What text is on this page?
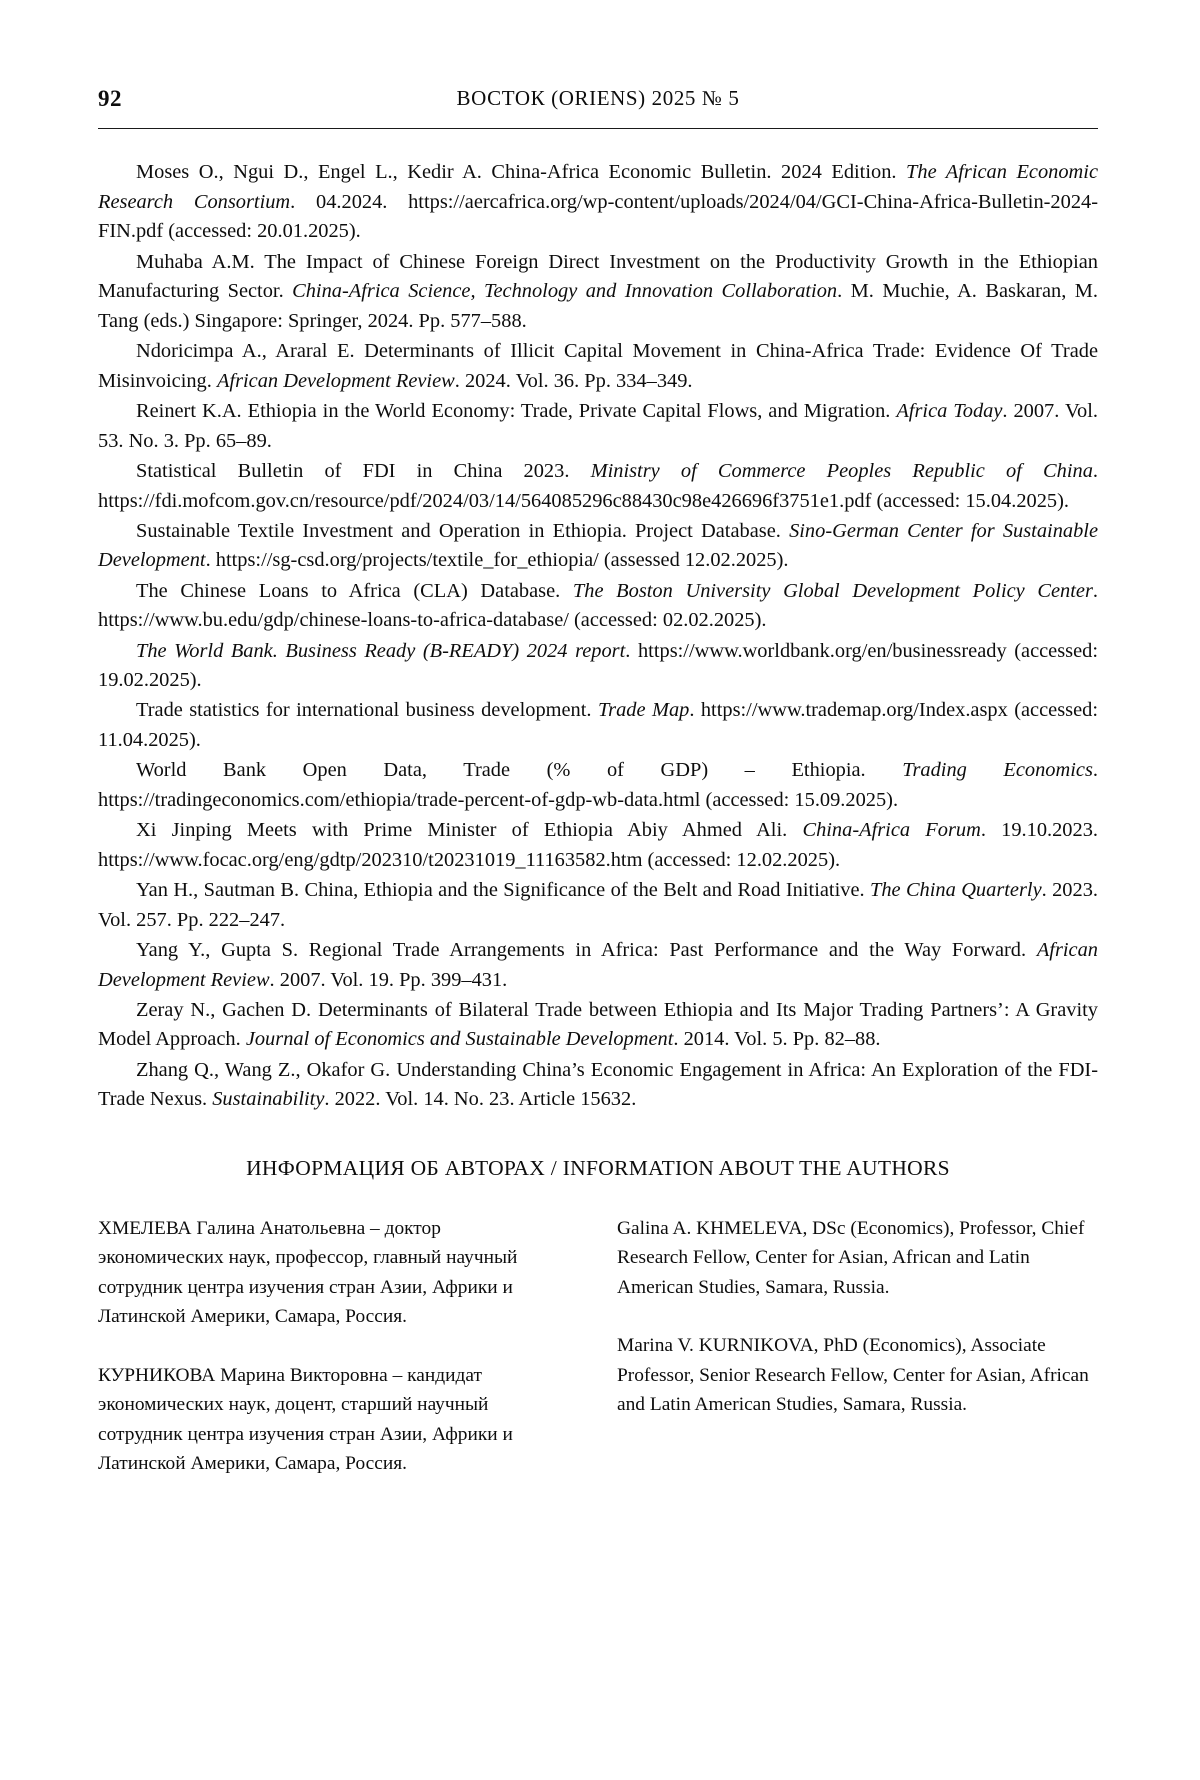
92	ВОСТОК (ORIENS) 2025 № 5

Moses O., Ngui D., Engel L., Kedir A. China-Africa Economic Bulletin. 2024 Edition. The African Economic Research Consortium. 04.2024. https://aercafrica.org/wp-content/uploads/2024/04/GCI-China-Africa-Bulletin-2024-FIN.pdf (accessed: 20.01.2025).

Muhaba A.M. The Impact of Chinese Foreign Direct Investment on the Productivity Growth in the Ethiopian Manufacturing Sector. China-Africa Science, Technology and Innovation Collaboration. M. Muchie, A. Baskaran, M. Tang (eds.) Singapore: Springer, 2024. Pp. 577–588.

Ndoricimpa A., Araral E. Determinants of Illicit Capital Movement in China-Africa Trade: Evidence Of Trade Misinvoicing. African Development Review. 2024. Vol. 36. Pp. 334–349.

Reinert K.A. Ethiopia in the World Economy: Trade, Private Capital Flows, and Migration. Africa Today. 2007. Vol. 53. No. 3. Pp. 65–89.

Statistical Bulletin of FDI in China 2023. Ministry of Commerce Peoples Republic of China. https://fdi.mofcom.gov.cn/resource/pdf/2024/03/14/564085296c88430c98e426696f3751e1.pdf (accessed: 15.04.2025).

Sustainable Textile Investment and Operation in Ethiopia. Project Database. Sino-German Center for Sustainable Development. https://sg-csd.org/projects/textile_for_ethiopia/ (assessed 12.02.2025).

The Chinese Loans to Africa (CLA) Database. The Boston University Global Development Policy Center. https://www.bu.edu/gdp/chinese-loans-to-africa-database/ (accessed: 02.02.2025).

The World Bank. Business Ready (B-READY) 2024 report. https://www.worldbank.org/en/businessready (accessed: 19.02.2025).

Trade statistics for international business development. Trade Map. https://www.trademap.org/Index.aspx (accessed: 11.04.2025).

World Bank Open Data, Trade (% of GDP) – Ethiopia. Trading Economics. https://tradingeconomics.com/ethiopia/trade-percent-of-gdp-wb-data.html (accessed: 15.09.2025).

Xi Jinping Meets with Prime Minister of Ethiopia Abiy Ahmed Ali. China-Africa Forum. 19.10.2023. https://www.focac.org/eng/gdtp/202310/t20231019_11163582.htm (accessed: 12.02.2025).

Yan H., Sautman B. China, Ethiopia and the Significance of the Belt and Road Initiative. The China Quarterly. 2023. Vol. 257. Pp. 222–247.

Yang Y., Gupta S. Regional Trade Arrangements in Africa: Past Performance and the Way Forward. African Development Review. 2007. Vol. 19. Pp. 399–431.

Zeray N., Gachen D. Determinants of Bilateral Trade between Ethiopia and Its Major Trading Partners’: A Gravity Model Approach. Journal of Economics and Sustainable Development. 2014. Vol. 5. Pp. 82–88.

Zhang Q., Wang Z., Okafor G. Understanding China’s Economic Engagement in Africa: An Exploration of the FDI-Trade Nexus. Sustainability. 2022. Vol. 14. No. 23. Article 15632.

ИНФОРМАЦИЯ ОБ АВТОРАХ / INFORMATION ABOUT THE AUTHORS
ХМЕЛЕВА Галина Анатольевна – доктор экономических наук, профессор, главный научный сотрудник центра изучения стран Азии, Африки и Латинской Америки, Самара, Россия.
КУРНИКОВА Марина Викторовна – кандидат экономических наук, доцент, старший научный сотрудник центра изучения стран Азии, Африки и Латинской Америки, Самара, Россия.
Galina A. KHMELEVA, DSc (Economics), Professor, Chief Research Fellow, Center for Asian, African and Latin American Studies, Samara, Russia.
Marina V. KURNIKOVA, PhD (Economics), Associate Professor, Senior Research Fellow, Center for Asian, African and Latin American Studies, Samara, Russia.
